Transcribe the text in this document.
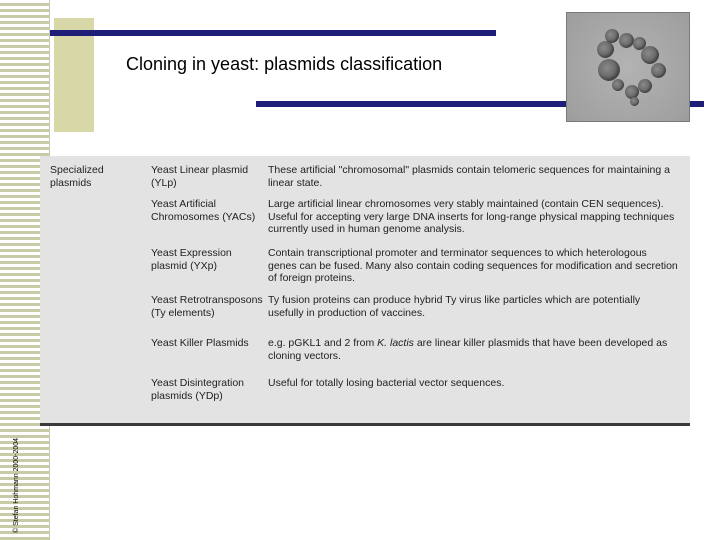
Cloning in yeast: plasmids classification
© Stefan Hohmann 2000-2004
Specialized plasmids
Yeast Linear plasmid (YLp)
These artificial "chromosomal" plasmids contain telomeric sequences for maintaining a linear state.
Yeast Artificial Chromosomes (YACs)
Large artificial linear chromosomes very stably maintained (contain CEN sequences). Useful for accepting very large DNA inserts for long-range physical mapping techniques currently used in human genome analysis.
Yeast Expression plasmid (YXp)
Contain transcriptional promoter and terminator sequences to which heterologous genes can be fused. Many also contain coding sequences for modification and secretion of foreign proteins.
Yeast Retrotransposons (Ty elements)
Ty fusion proteins can produce hybrid Ty virus like particles which are potentially usefully in production of vaccines.
Yeast Killer Plasmids	e.g. pGKL1 and 2 from K. lactis are linear killer plasmids that have been developed as cloning vectors.
Yeast Disintegration plasmids (YDp)
Useful for totally losing bacterial vector sequences.
